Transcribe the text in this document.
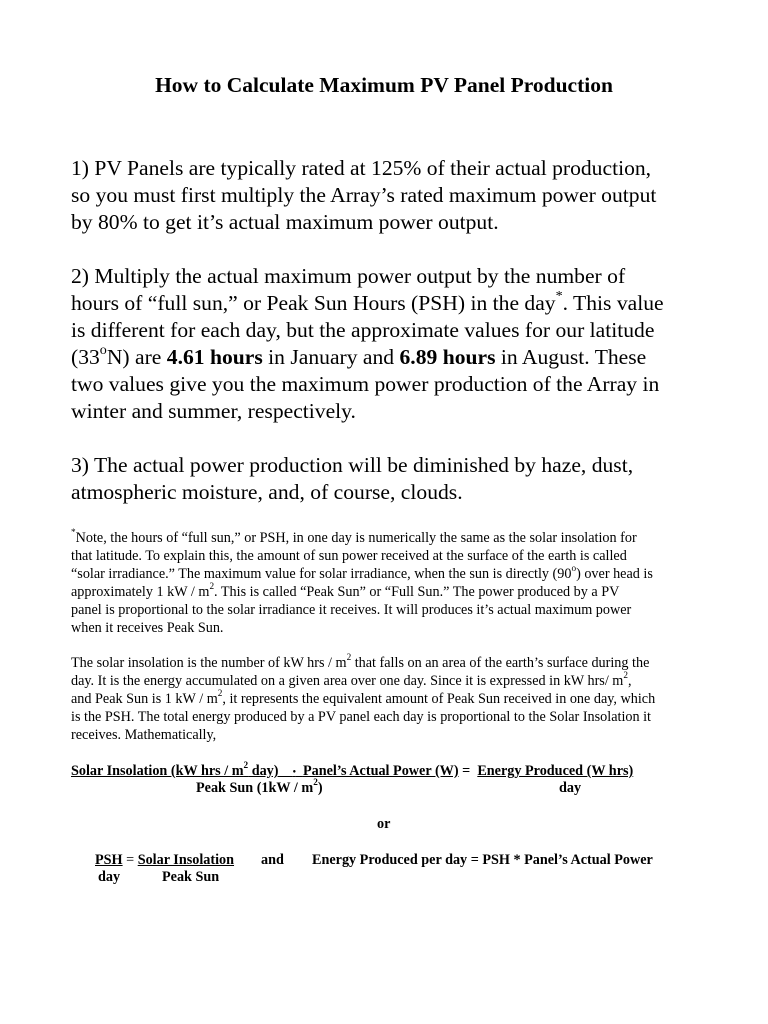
How to Calculate Maximum PV Panel Production
1) PV Panels are typically rated at 125% of their actual production,
so you must first multiply the Array’s rated maximum power output
by 80% to get it’s actual maximum power output.
2) Multiply the actual maximum power output by the number of
hours of “full sun,” or Peak Sun Hours (PSH) in the day*. This value
is different for each day, but the approximate values for our latitude
(33$^o$N) are 4.61 hours in January and 6.89 hours in August. These
two values give you the maximum power production of the Array in
winter and summer, respectively.
3) The actual power production will be diminished by haze, dust,
atmospheric moisture, and, of course, clouds.
*Note, the hours of “full sun,” or PSH, in one day is numerically the same as the solar insolation for
that latitude. To explain this, the amount of sun power received at the surface of the earth is called
“solar irradiance.” The maximum value for solar irradiance, when the sun is directly (90$^o$) over head is
approximately 1 kW / $m^2$. This is called “Peak Sun” or “Full Sun.” The power produced by a PV
panel is proportional to the solar irradiance it receives. It will produces it’s actual maximum power
when it receives Peak Sun.
The solar insolation is the number of kW hrs / $m^2$ that falls on an area of the earth’s surface during the
day. It is the energy accumulated on a given area over one day. Since it is expressed in kW hrs/ $m^2$,
and Peak Sun is 1 kW / $m^2$, it represents the equivalent amount of Peak Sun received in one day, which
is the PSH. The total energy produced by a PV panel each day is proportional to the Solar Insolation it
receives. Mathematically,
Solar Insolation (kW hrs / $m^2$ day) • Panel’s Actual Power (W) =  Energy Produced (W hrs)
Peak Sun $(1kW / m^2)$	day
or
PSH = Solar Insolation and Energy Produced per day = PSH * Panel’s Actual Power
day	Peak Sun
